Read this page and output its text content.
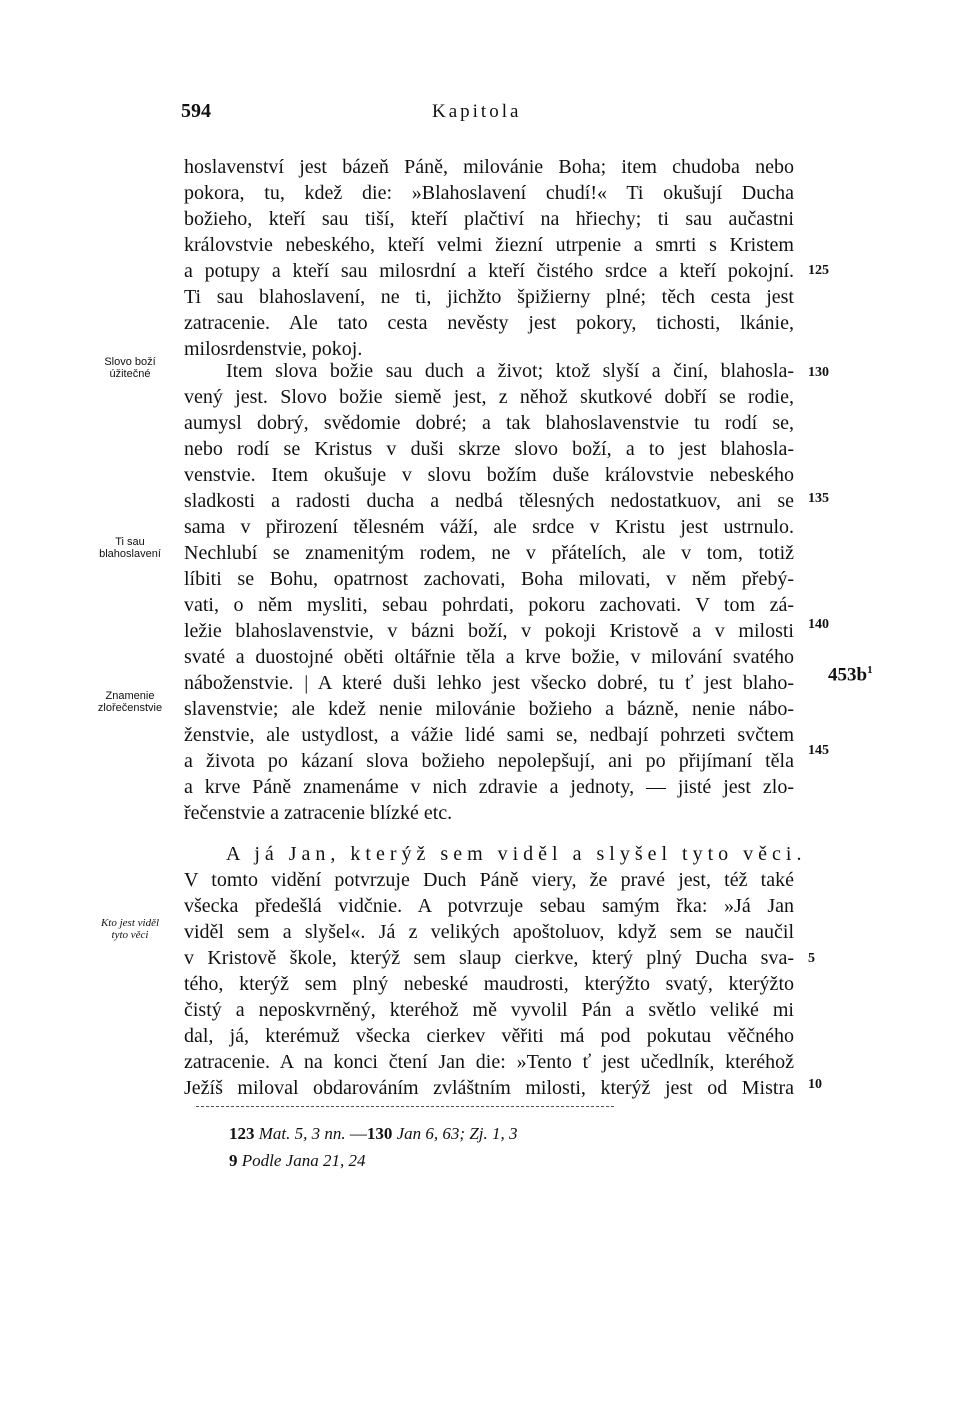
594	Kapitola
hoslavenství jest bázeň Páně, milovánie Boha; item chudoba nebo
pokora, tu, kdež die: »Blahoslavení chudí!« Ti okušují Ducha
božieho, kteří sau tiší, kteří plačtiví na hřiechy; ti sau aučastni
královstvie nebeského, kteří velmi žiezní utrpenie a smrti s Kristem
a potupy a kteří sau milosrdní a kteří čistého srdce a kteří pokojní.
Ti sau blahoslavení, ne ti, jichžto špižierny plné; těch cesta jest
zatracenie. Ale tato cesta nevěsty jest pokory, tichosti, lkánie,
milosrdenstvie, pokoj.
Item slova božie sau duch a život; ktož slyší a činí, blahosla-
vený jest. Slovo božie siemě jest, z něhož skutkové dobří se rodie,
aumysl dobrý, svědomie dobré; a tak blahoslavenstvie tu rodí se,
nebo rodí se Kristus v duši skrze slovo boží, a to jest blahosla-
venstvie. Item okušuje v slovu božím duše královstvie nebeského
sladkosti a radosti ducha a nedbá tělesných nedostatkuov, ani se
sama v přirození tělesném váží, ale srdce v Kristu jest ustrnulo.
Nechlubí se znamenitým rodem, ne v přátelích, ale v tom, totiž
líbiti se Bohu, opatrnost zachovati, Boha milovati, v něm přebý-
vati, o něm mysliti, sebau pohrdati, pokoru zachovati. V tom zá-
ležie blahoslavenstvie, v bázni boží, v pokoji Kristově a v milosti
svaté a duostojné oběti oltářnie těla a krve božie, v milování svatého
náboženstvie. | A které duši lehko jest všecko dobré, tu ť jest blaho-
slavenstvie; ale kdež nenie milovánie božieho a bázně, nenie nábo-
ženstvie, ale ustydlost, a vážie lidé sami se, nedbají pohrzeti svčtem
a života po kázaní slova božieho nepolepšují, ani po přijímaní těla
a krve Páně znamenáme v nich zdravie a jednoty, — jisté jest zlo-
řečenstvie a zatracenie blízké etc.
A já Jan, kterýž sem viděl a slyšel tyto věci.
V tomto vidění potvrzuje Duch Páně viery, že pravé jest, též také
všecka předešlá vidčnie. A potvrzuje sebau samým řka: »Já Jan
viděl sem a slyšel«. Já z velikých apoštoluov, když sem se naučil
v Kristově škole, kterýž sem slaup cierkve, který plný Ducha sva-
tého, kterýž sem plný nebeské maudrosti, kterýžto svatý, kterýžto
čistý a neposkvrněný, kteréhož mě vyvolil Pán a světlo veliké mi
dal, já, kterémuž všecka cierkev věřiti má pod pokutau věčného
zatracenie. A na konci čtení Jan die: »Tento ť jest učedlník, kteréhož
Ježíš miloval obdarováním zvláštním milosti, kterýž jest od Mistra
125
130
135
140
145
5
10
Slovo boží
úžitečné
Ti sau
blahoslavení
Znamenie
zlořečenstvie
Kto jest viděl
tyto věci
$453b^1$
123 Mat. 5, 3 nn. —130 Jan 6, 63; Zj. 1, 3
9 Podle Jana 21, 24
